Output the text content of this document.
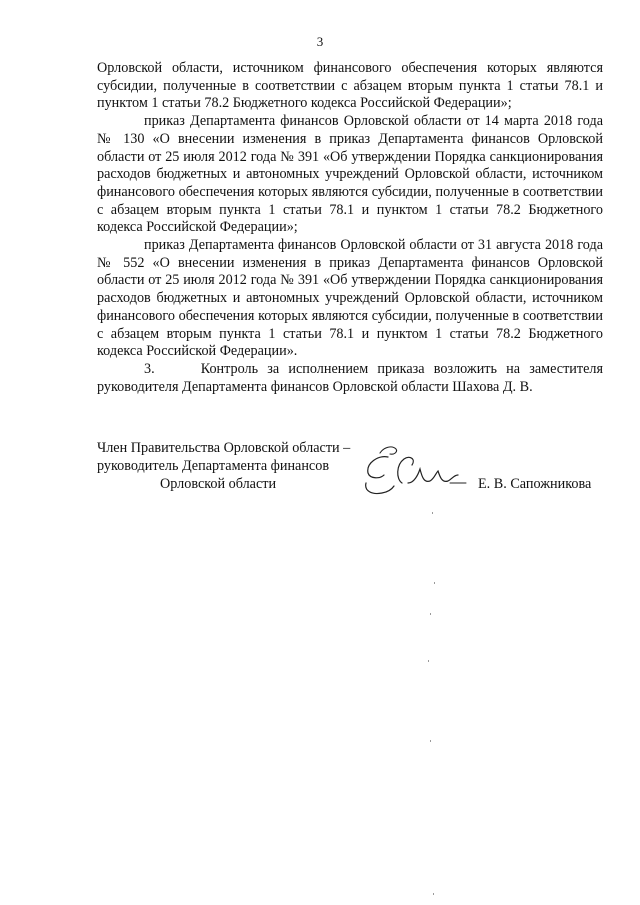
3

Орловской области, источником финансового обеспечения которых являются субсидии, полученные в соответствии с абзацем вторым пункта 1 статьи 78.1 и пунктом 1 статьи 78.2 Бюджетного кодекса Российской Федерации»;

приказ Департамента финансов Орловской области от 14 марта 2018 года № 130 «О внесении изменения в приказ Департамента финансов Орловской области от 25 июля 2012 года № 391 «Об утверждении Порядка санкционирования расходов бюджетных и автономных учреждений Орловской области, источником финансового обеспечения которых являются субсидии, полученные в соответствии с абзацем вторым пункта 1 статьи 78.1 и пунктом 1 статьи 78.2 Бюджетного кодекса Российской Федерации»;

приказ Департамента финансов Орловской области от 31 августа 2018 года № 552 «О внесении изменения в приказ Департамента финансов Орловской области от 25 июля 2012 года № 391 «Об утверждении Порядка санкционирования расходов бюджетных и автономных учреждений Орловской области, источником финансового обеспечения которых являются субсидии, полученные в соответствии с абзацем вторым пункта 1 статьи 78.1 и пунктом 1 статьи 78.2 Бюджетного кодекса Российской Федерации».

3.     Контроль за исполнением приказа возложить на заместителя руководителя Департамента финансов Орловской области Шахова Д. В.

Член Правительства Орловской области –
руководитель Департамента финансов
Орловской области	Е. В. Сапожникова
